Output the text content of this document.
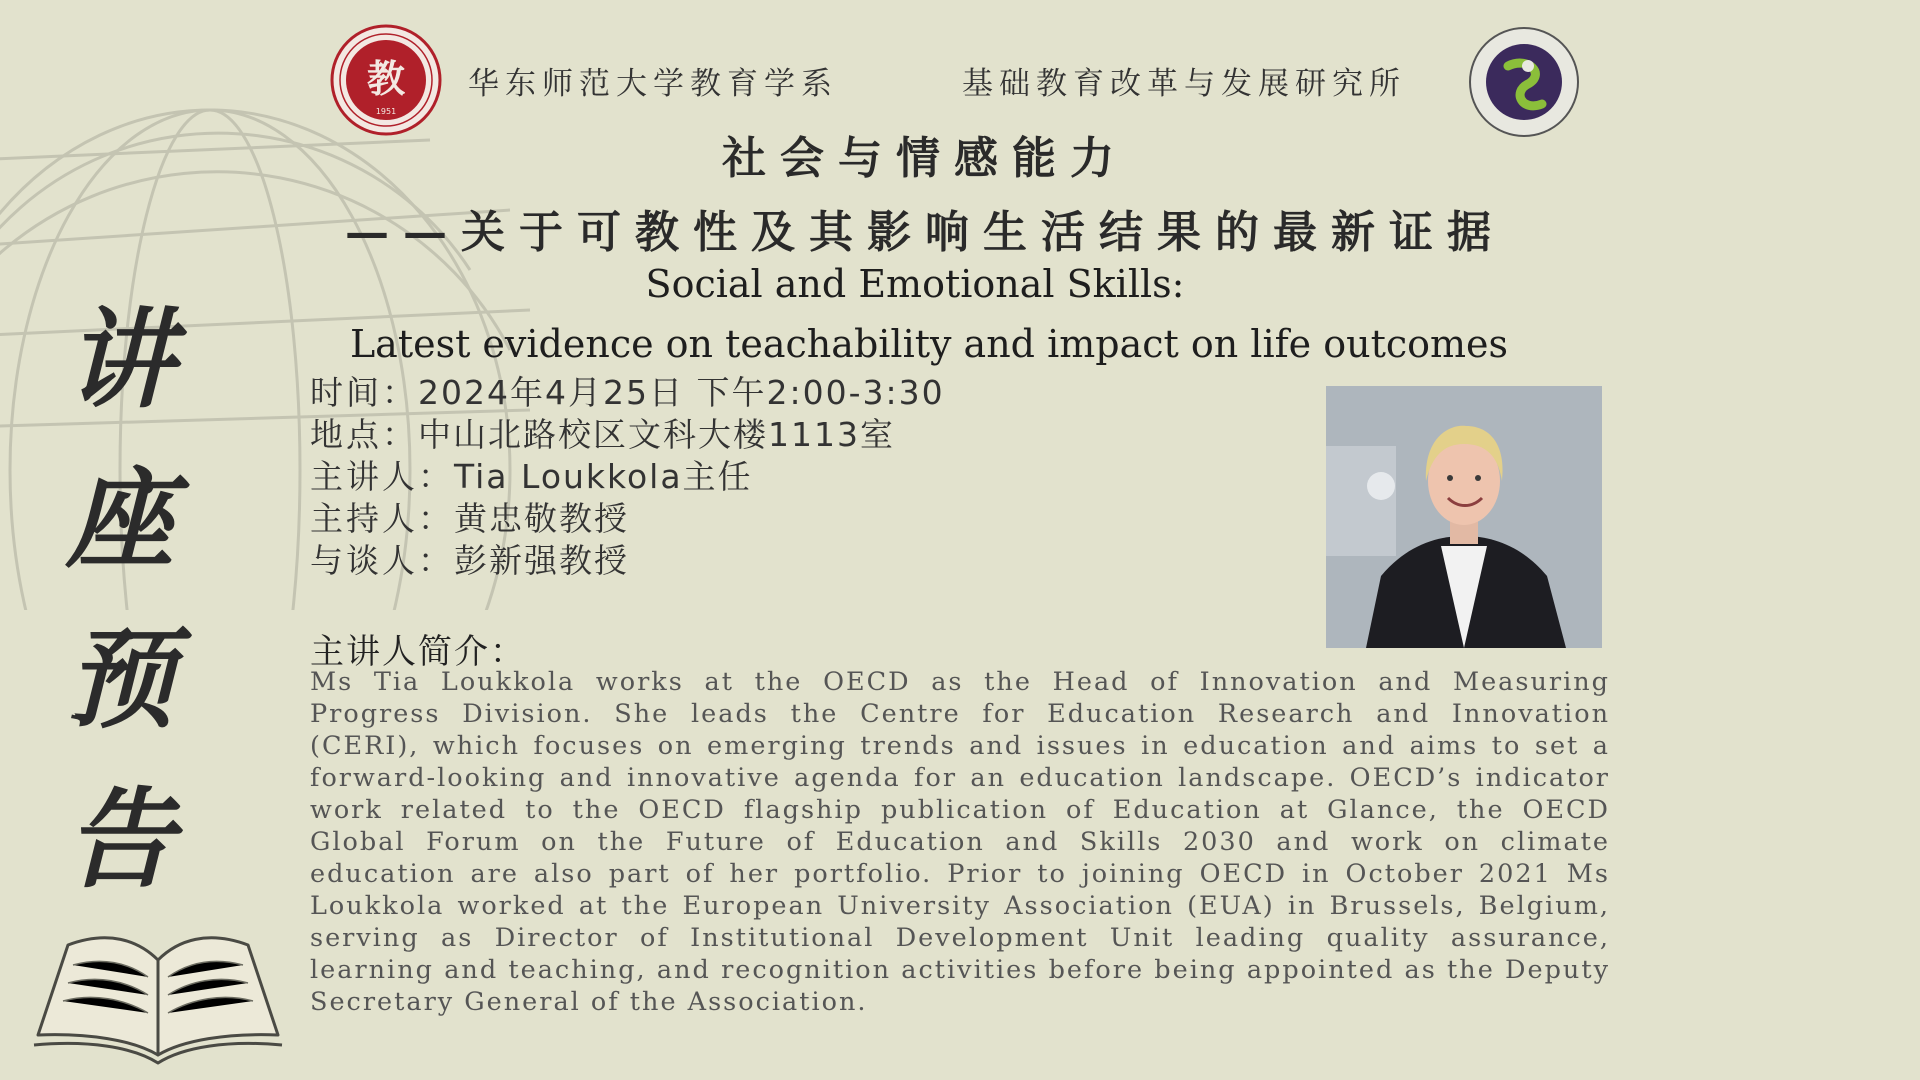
讲
座
预
告
教
1951
华东师范大学教育学系	基础教育改革与发展研究所
社会与情感能力
——关于可教性及其影响生活结果的最新证据
Social and Emotional Skills:
Latest evidence on teachability and impact on life outcomes
时间：2024年4月25日 下午2:00-3:30
地点：中山北路校区文科大楼1113室
主讲人：Tia Loukkola主任
主持人：黄忠敬教授
与谈人：彭新强教授
主讲人简介：

Ms Tia Loukkola works at the OECD as the Head of Innovation and Measuring Progress Division. She leads the Centre for Education Research and Innovation (CERI), which focuses on emerging trends and issues in education and aims to set a forward-looking and innovative agenda for an education landscape. OECD’s indicator work related to the OECD flagship publication of Education at Glance, the OECD Global Forum on the Future of Education and Skills 2030 and work on climate education are also part of her portfolio. Prior to joining OECD in October 2021 Ms Loukkola worked at the European University Association (EUA) in Brussels, Belgium, serving as Director of Institutional Development Unit leading quality assurance, learning and teaching, and recognition activities before being appointed as the Deputy Secretary General of the Association.
